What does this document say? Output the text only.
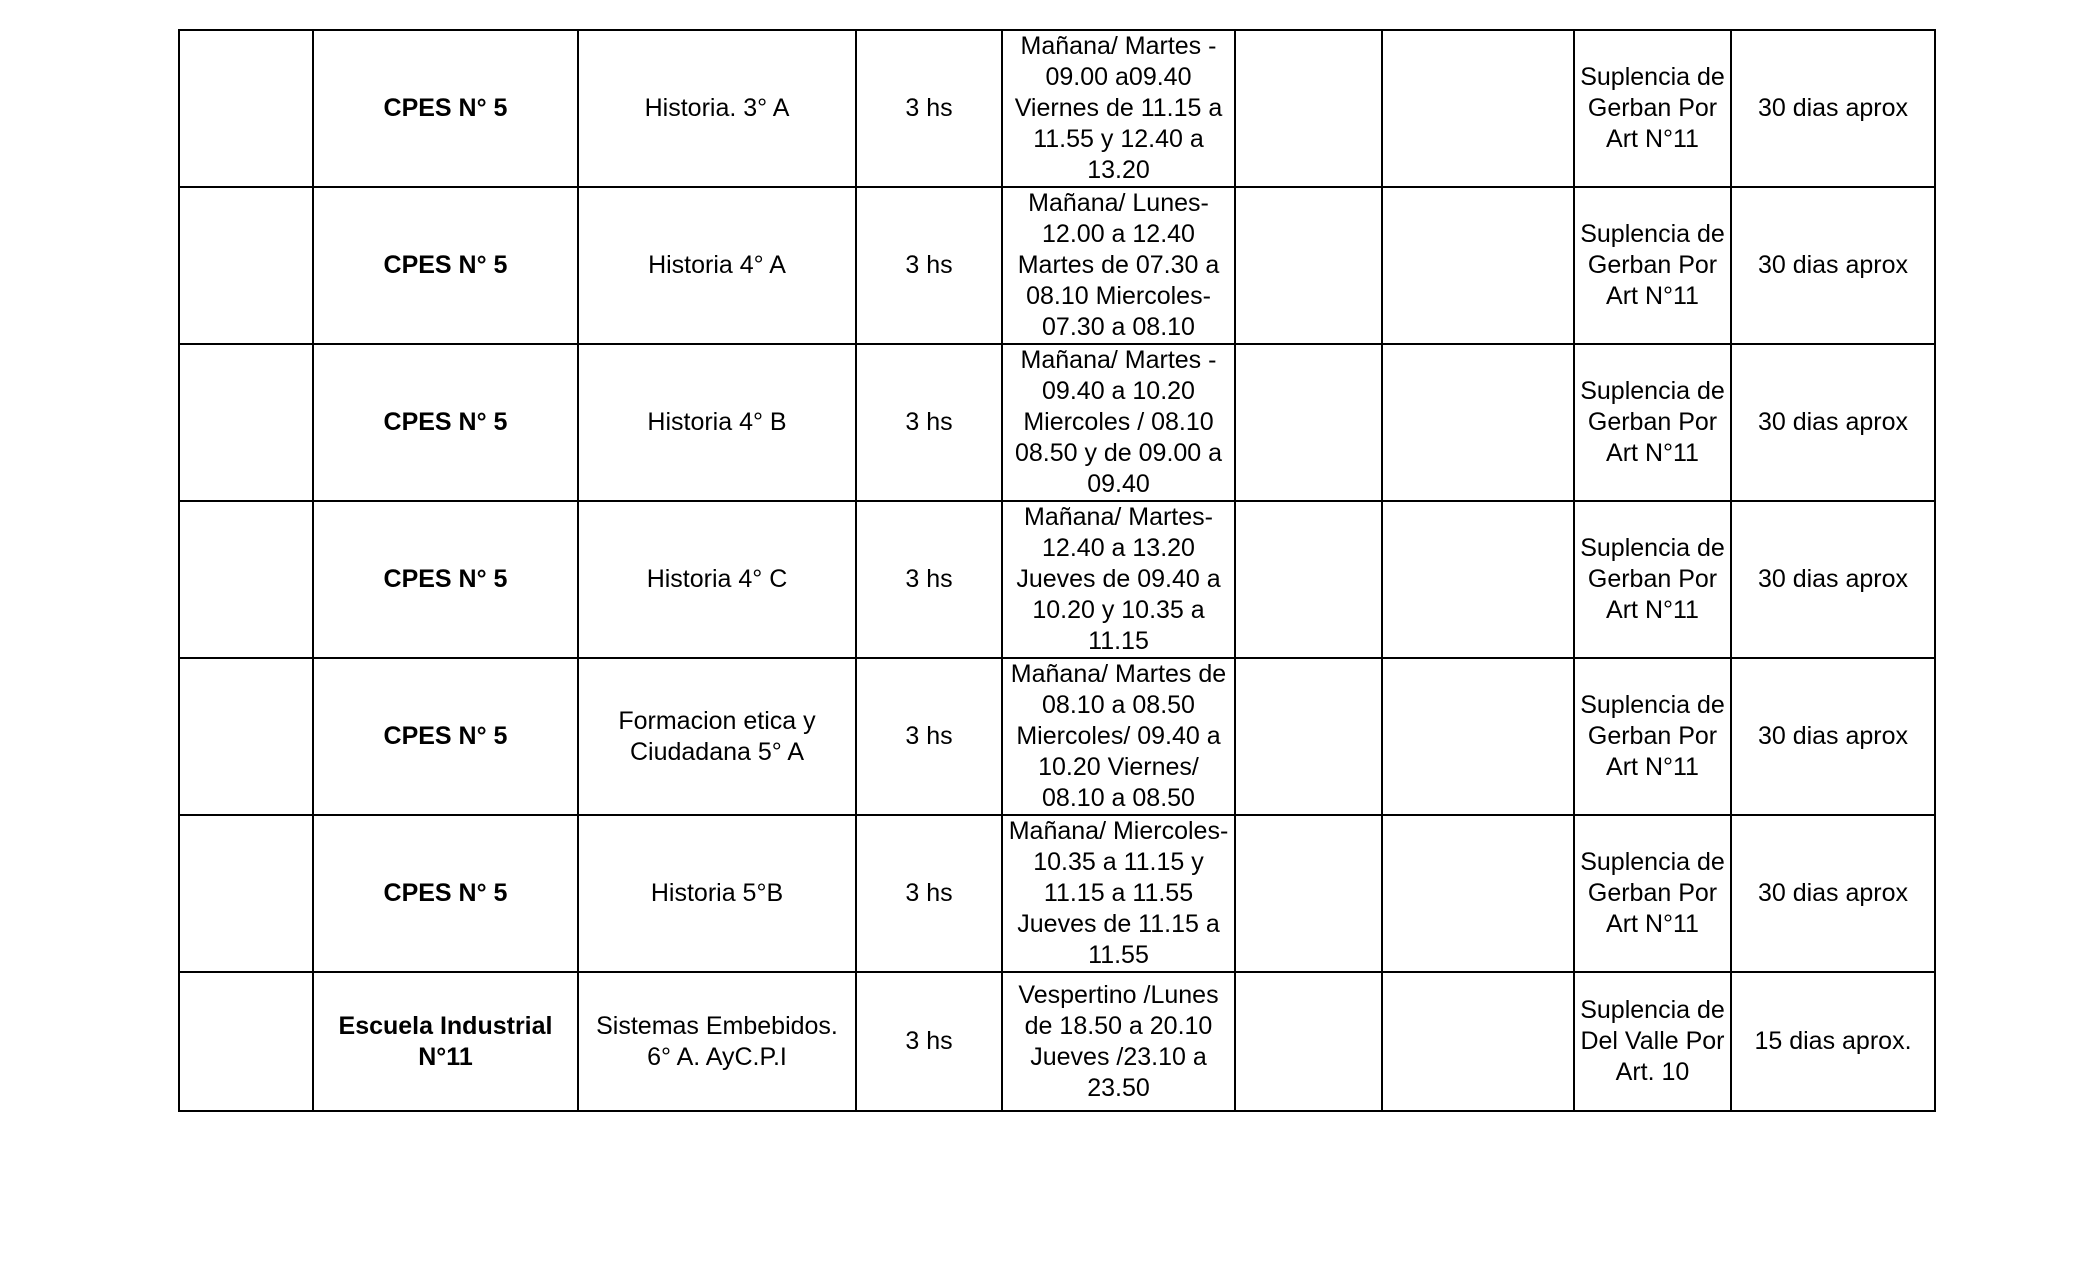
	CPES N° 5	Historia. 3° A	3 hs	Mañana/ Martes -
09.00 a09.40
Viernes de 11.15 a
11.55 y 12.40 a
13.20			Suplencia de
Gerban Por
Art N°11	30 dias aprox
	CPES N° 5	Historia 4° A	3 hs	Mañana/ Lunes-
12.00 a 12.40
Martes de 07.30 a
08.10 Miercoles-
07.30 a 08.10			Suplencia de
Gerban Por
Art N°11	30 dias aprox
	CPES N° 5	Historia 4° B	3 hs	Mañana/ Martes -
09.40 a 10.20
Miercoles / 08.10
08.50 y de 09.00 a
09.40			Suplencia de
Gerban Por
Art N°11	30 dias aprox
	CPES N° 5	Historia 4° C	3 hs	Mañana/ Martes-
12.40 a 13.20
Jueves de 09.40 a
10.20 y 10.35 a
11.15			Suplencia de
Gerban Por
Art N°11	30 dias aprox
	CPES N° 5	Formacion etica y
Ciudadana 5° A	3 hs	Mañana/ Martes de
08.10 a 08.50
Miercoles/ 09.40 a
10.20 Viernes/
08.10 a 08.50			Suplencia de
Gerban Por
Art N°11	30 dias aprox
	CPES N° 5	Historia 5°B	3 hs	Mañana/ Miercoles-
10.35 a 11.15 y
11.15 a 11.55
Jueves de 11.15 a
11.55			Suplencia de
Gerban Por
Art N°11	30 dias aprox
	Escuela Industrial
N°11	Sistemas Embebidos.
6° A. AyC.P.I	3 hs	Vespertino /Lunes
de 18.50 a 20.10
Jueves /23.10 a
23.50			Suplencia de
Del Valle Por
Art. 10	15 dias aprox.
